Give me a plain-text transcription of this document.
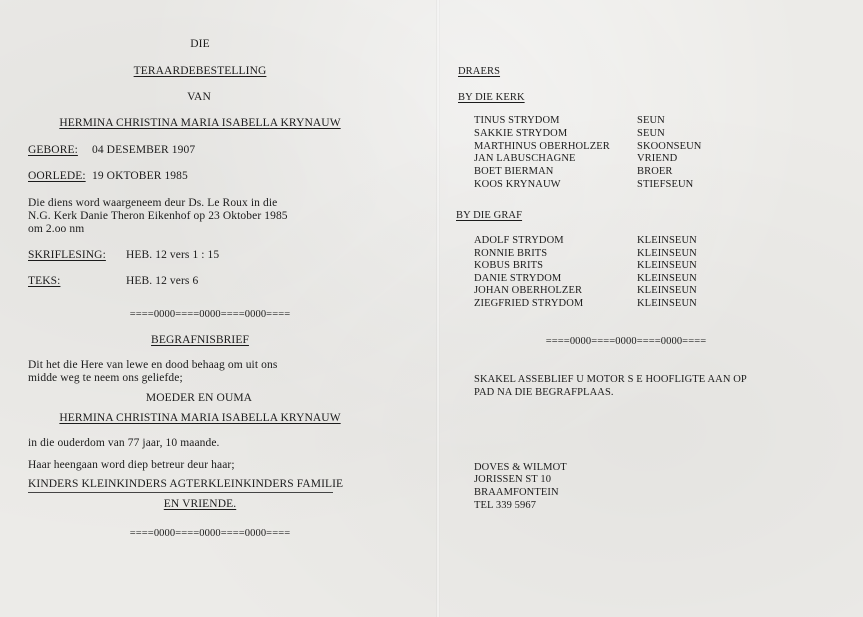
DIE
TERAARDEBESTELLING
VAN
HERMINA CHRISTINA MARIA ISABELLA KRYNAUW
GEBORE: 04 DESEMBER 1907
OORLEDE: 19 OKTOBER 1985
Die diens word waargeneem deur Ds. Le Roux in die
N.G. Kerk Danie Theron Eikenhof op 23 Oktober 1985
om 2.oo nm
SKRIFLESING: HEB. 12 vers 1 : 15
TEKS:	HEB. 12 vers 6
====0000====0000====0000====
BEGRAFNISBRIEF
Dit het die Here van lewe en dood behaag om uit ons
midde weg te neem ons geliefde;
MOEDER EN OUMA
HERMINA CHRISTINA MARIA ISABELLA KRYNAUW
in die ouderdom van 77 jaar, 10 maande.
Haar heengaan word diep betreur deur haar;
KINDERS KLEINKINDERS AGTERKLEINKINDERS FAMILIE
EN VRIENDE.
====0000====0000====0000====
DRAERS
BY DIE KERK
TINUS STRYDOM	SEUN
SAKKIE STRYDOM	SEUN
MARTHINUS OBERHOLZER	SKOONSEUN
JAN LABUSCHAGNE	VRIEND
BOET BIERMAN	BROER
KOOS KRYNAUW	STIEFSEUN
BY DIE GRAF
ADOLF STRYDOM	KLEINSEUN
RONNIE BRITS	KLEINSEUN
KOBUS BRITS	KLEINSEUN
DANIE STRYDOM	KLEINSEUN
JOHAN OBERHOLZER	KLEINSEUN
ZIEGFRIED STRYDOM	KLEINSEUN
====0000====0000====0000====
SKAKEL ASSEBLIEF U MOTOR S E HOOFLIGTE AAN OP
PAD NA DIE BEGRAFPLAAS.
DOVES & WILMOT
JORISSEN ST 10
BRAAMFONTEIN
TEL 339 5967
